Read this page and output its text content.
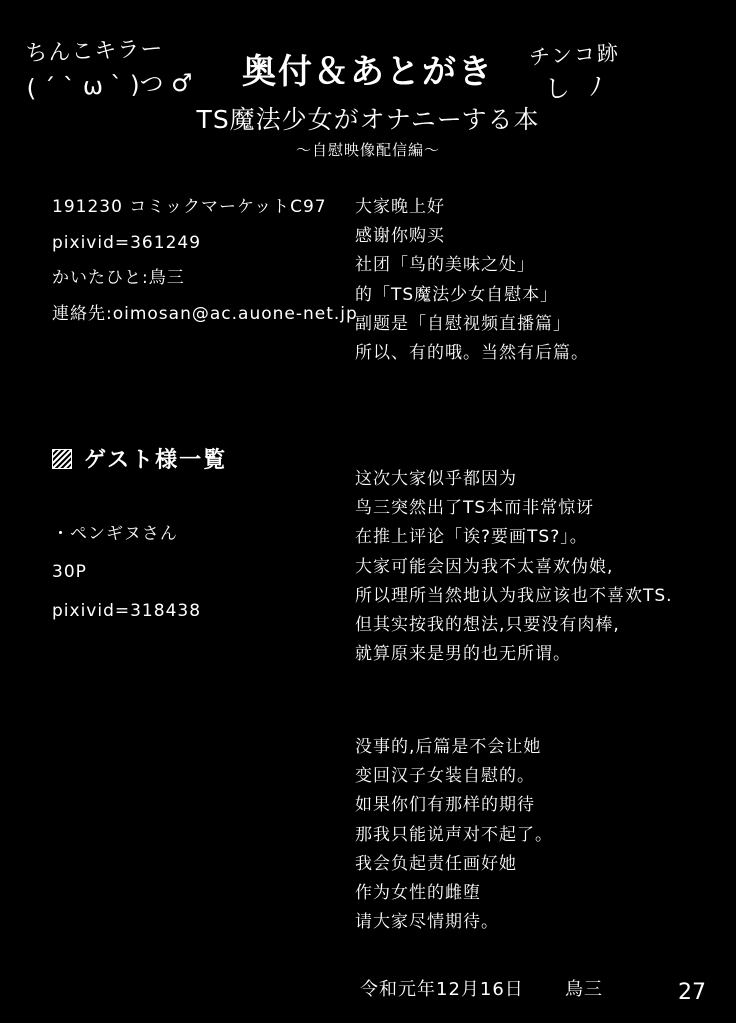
ちんこキラー
( ´ ` ω ` )つ ♂
チンコ跡
し ﾉ
奥付＆あとがき
TS魔法少女がオナニーする本
〜自慰映像配信編〜
191230 コミックマーケットC97
pixivid=361249
かいたひと:鳥三
連絡先:oimosan@ac.auone-net.jp
ゲスト様一覧
・ペンギヌさん
30P
pixivid=318438
大家晚上好
感谢你购买
社团「鸟的美味之处」
的「TS魔法少女自慰本」
副题是「自慰视频直播篇」
所以、有的哦。当然有后篇。
这次大家似乎都因为
鸟三突然出了TS本而非常惊讶
在推上评论「诶?要画TS?」。
大家可能会因为我不太喜欢伪娘,
所以理所当然地认为我应该也不喜欢TS.
但其实按我的想法,只要没有肉棒,
就算原来是男的也无所谓。
没事的,后篇是不会让她
变回汉子女装自慰的。
如果你们有那样的期待
那我只能说声对不起了。
我会负起责任画好她
作为女性的雌堕
请大家尽情期待。
令和元年12月16日 鳥三	27
